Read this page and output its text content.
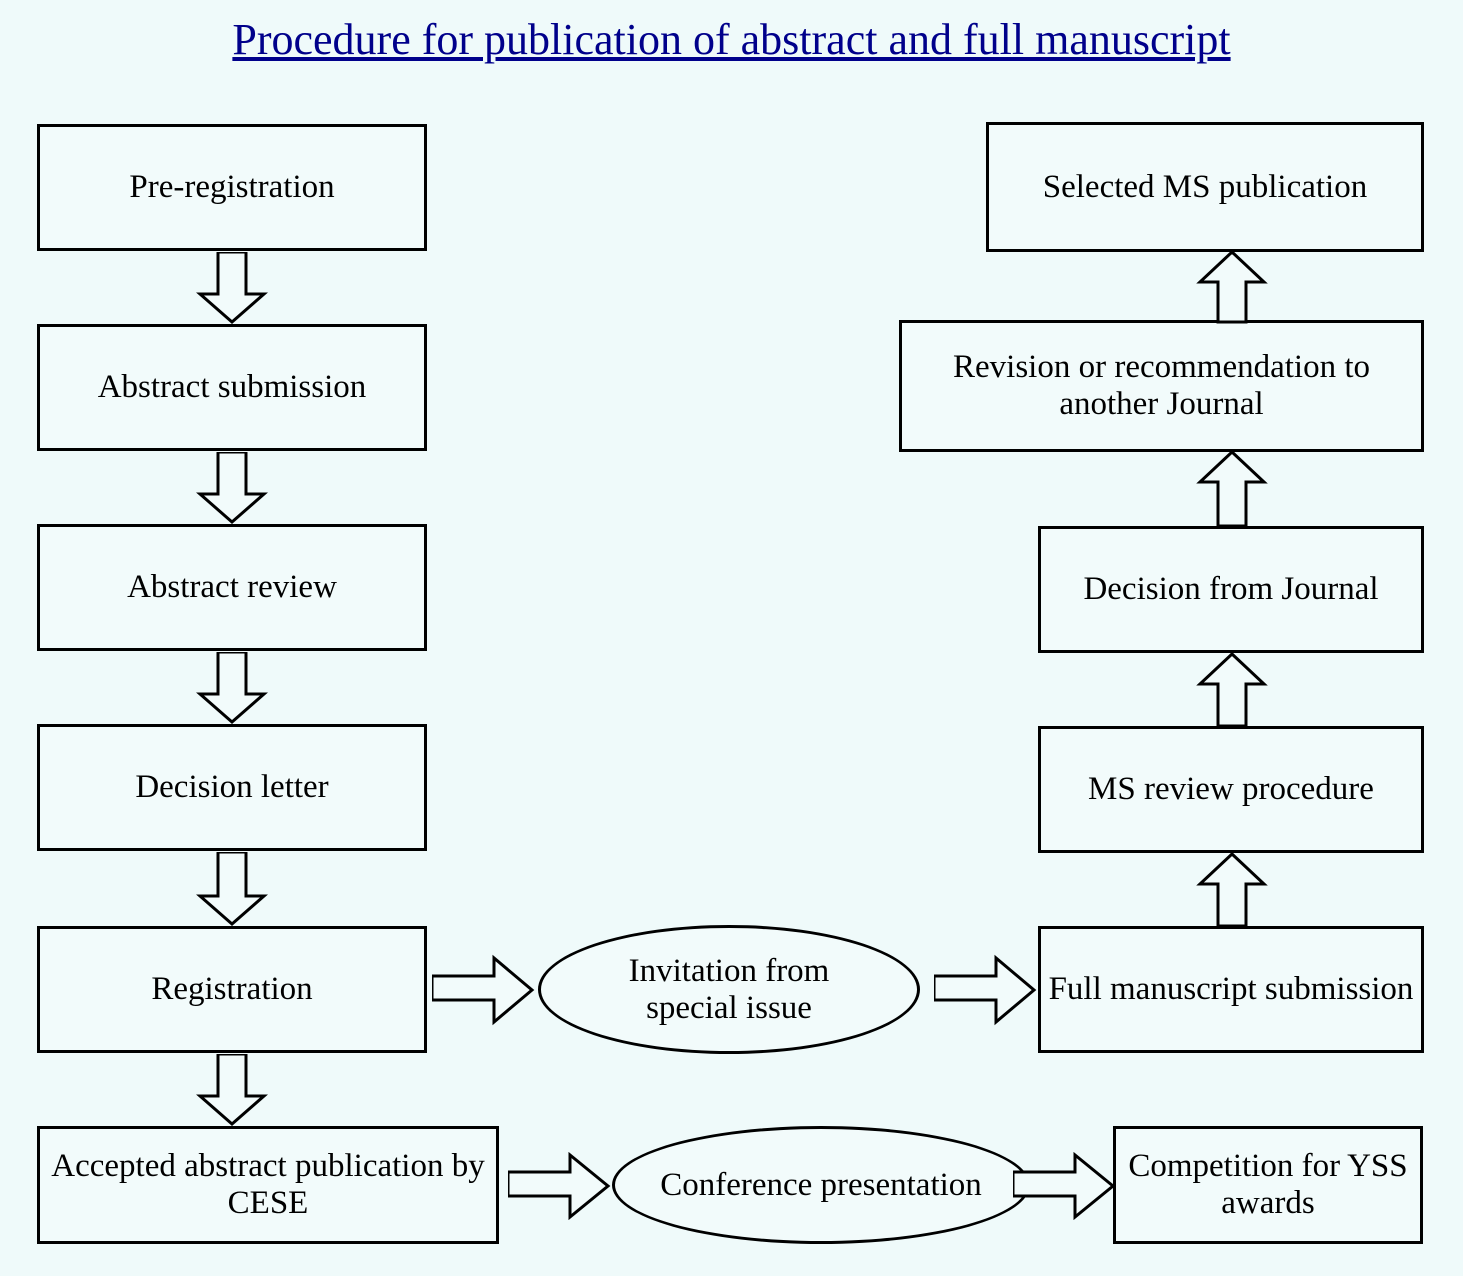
Procedure for publication of abstract and full manuscript
Pre-registration
Abstract submission
Abstract review
Decision letter
Registration
Accepted abstract publication by CESE
Invitation from special issue
Conference presentation
Competition for YSS awards
Full manuscript submission
MS review procedure
Decision from Journal
Revision or recommendation to another Journal
Selected MS publication
